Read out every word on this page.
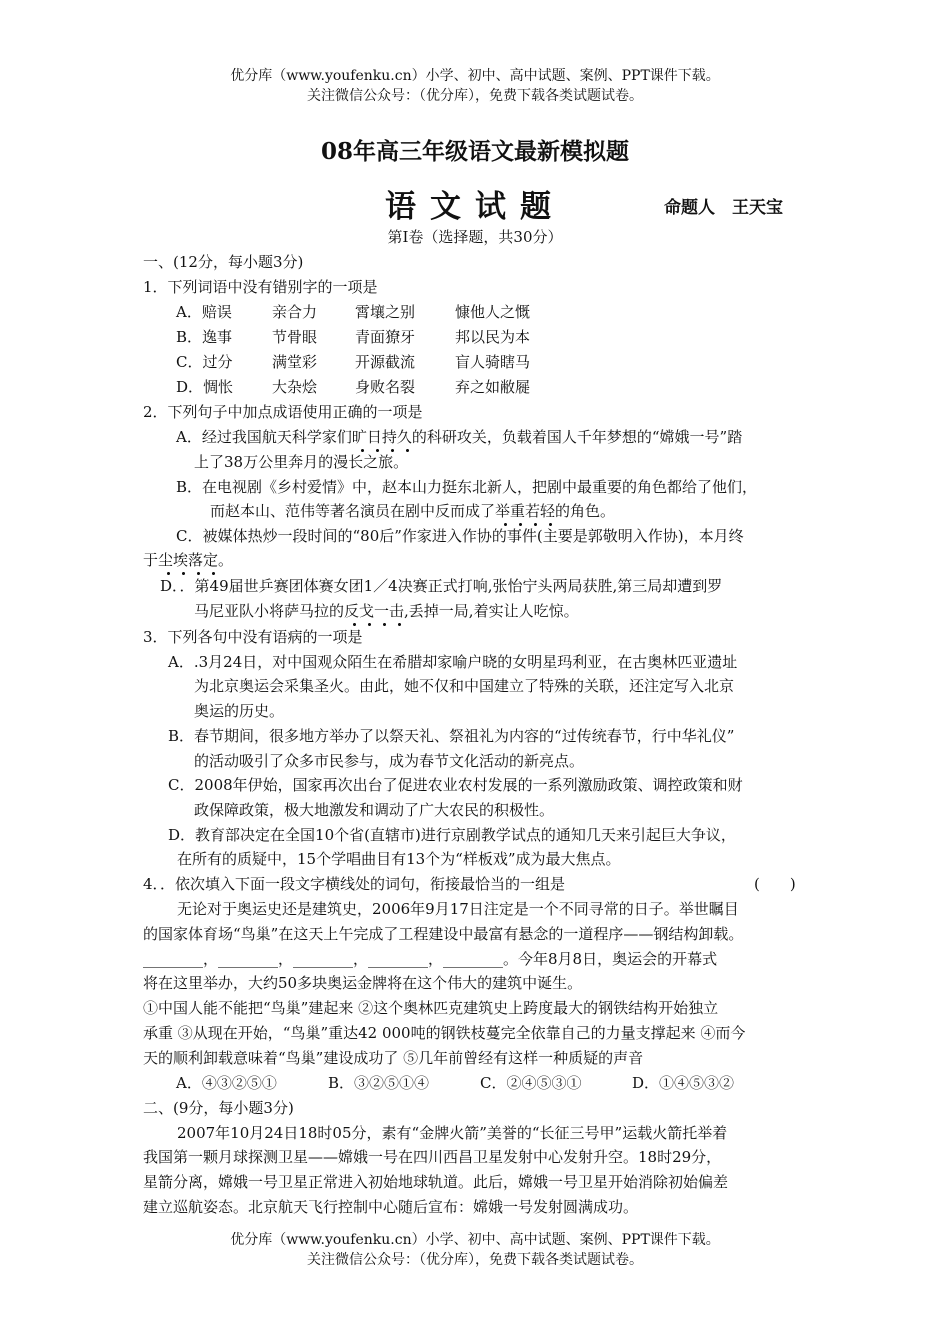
优分库（www.youfenku.cn）小学、初中、高中试题、案例、PPT课件下载。
关注微信公众号：（优分库），免费下载各类试题试卷。
08年高三年级语文最新模拟题
语文试题	命题人　王天宝
第Ⅰ卷（选择题，共30分）
一、(12分，每小题3分)
1．下列词语中没有错别字的一项是
A．赔误	亲合力	霄壤之别	慷他人之慨
B．逸事	节骨眼	青面獠牙	邦以民为本
C．过分	满堂彩	开源截流	盲人骑瞎马
D．惆怅	大杂烩	身败名裂	弃之如敝屣
2．下列句子中加点成语使用正确的一项是
A．经过我国航天科学家们旷日持久的科研攻关，负载着国人千年梦想的“嫦娥一号”踏
上了38万公里奔月的漫长之旅。
B．在电视剧《乡村爱情》中，赵本山力挺东北新人，把剧中最重要的角色都给了他们，
而赵本山、范伟等著名演员在剧中反而成了举重若轻的角色。
C．被媒体热炒一段时间的“80后”作家进入作协的事件(主要是郭敬明入作协)，本月终
于尘埃落定。
D．．第49届世乒赛团体赛女团1／4决赛正式打响,张怡宁头两局获胜,第三局却遭到罗
马尼亚队小将萨马拉的反戈一击,丢掉一局,着实让人吃惊。
3．下列各句中没有语病的一项是
A．.3月24日，对中国观众陌生在希腊却家喻户晓的女明星玛利亚，在古奥林匹亚遗址
为北京奥运会采集圣火。由此，她不仅和中国建立了特殊的关联，还注定写入北京
奥运的历史。
B．春节期间，很多地方举办了以祭天礼、祭祖礼为内容的“过传统春节，行中华礼仪”
的活动吸引了众多市民参与，成为春节文化活动的新亮点。
C．2008年伊始，国家再次出台了促进农业农村发展的一系列激励政策、调控政策和财
政保障政策，极大地激发和调动了广大农民的积极性。
D．教育部决定在全国10个省(直辖市)进行京剧教学试点的通知几天来引起巨大争议，
在所有的质疑中，15个学唱曲目有13个为“样板戏”成为最大焦点。
4．．依次填入下面一段文字横线处的词句，衔接最恰当的一组是	(　　)
无论对于奥运史还是建筑史，2006年9月17日注定是一个不同寻常的日子。举世瞩目
的国家体育场“鸟巢”在这天上午完成了工程建设中最富有悬念的一道程序——钢结构卸载。
________，________，________，________，________。今年8月8日，奥运会的开幕式
将在这里举办，大约50多块奥运金牌将在这个伟大的建筑中诞生。
①中国人能不能把“鸟巢”建起来 ②这个奥林匹克建筑史上跨度最大的钢铁结构开始独立
承重 ③从现在开始，“鸟巢”重达42 000吨的钢铁枝蔓完全依靠自己的力量支撑起来 ④而今
天的顺利卸载意味着“鸟巢”建设成功了 ⑤几年前曾经有这样一种质疑的声音
A．④③②⑤①	B．③②⑤①④	C．②④⑤③①	D．①④⑤③②
二、(9分，每小题3分)
2007年10月24日18时05分，素有“金牌火箭”美誉的“长征三号甲”运载火箭托举着
我国第一颗月球探测卫星——嫦娥一号在四川西昌卫星发射中心发射升空。18时29分，
星箭分离，嫦娥一号卫星正常进入初始地球轨道。此后，嫦娥一号卫星开始消除初始偏差
建立巡航姿态。北京航天飞行控制中心随后宣布：嫦娥一号发射圆满成功。
优分库（www.youfenku.cn）小学、初中、高中试题、案例、PPT课件下载。
关注微信公众号：（优分库），免费下载各类试题试卷。
